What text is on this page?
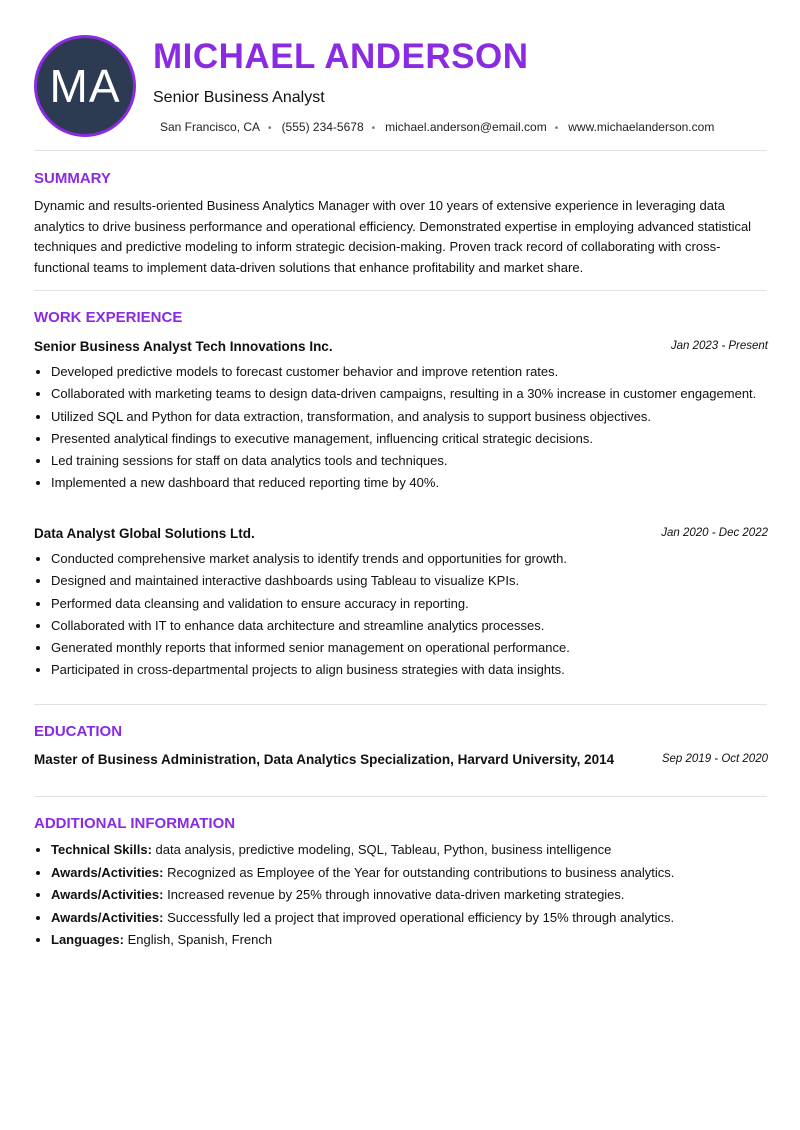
MA
MICHAEL ANDERSON
Senior Business Analyst
San Francisco, CA • (555) 234-5678 • michael.anderson@email.com • www.michaelanderson.com
SUMMARY

Dynamic and results-oriented Business Analytics Manager with over 10 years of extensive experience in leveraging data analytics to drive business performance and operational efficiency. Demonstrated expertise in employing advanced statistical techniques and predictive modeling to inform strategic decision-making. Proven track record of collaborating with cross-functional teams to implement data-driven solutions that enhance profitability and market share.

WORK EXPERIENCE
Senior Business Analyst Tech Innovations Inc.	Jan 2023 - Present
• Developed predictive models to forecast customer behavior and improve retention rates.
• Collaborated with marketing teams to design data-driven campaigns, resulting in a 30% increase in customer engagement.
• Utilized SQL and Python for data extraction, transformation, and analysis to support business objectives.
• Presented analytical findings to executive management, influencing critical strategic decisions.
• Led training sessions for staff on data analytics tools and techniques.
• Implemented a new dashboard that reduced reporting time by 40%.
Data Analyst Global Solutions Ltd.	Jan 2020 - Dec 2022
• Conducted comprehensive market analysis to identify trends and opportunities for growth.
• Designed and maintained interactive dashboards using Tableau to visualize KPIs.
• Performed data cleansing and validation to ensure accuracy in reporting.
• Collaborated with IT to enhance data architecture and streamline analytics processes.
• Generated monthly reports that informed senior management on operational performance.
• Participated in cross-departmental projects to align business strategies with data insights.
EDUCATION
Master of Business Administration, Data Analytics Specialization, Harvard University, 2014	Sep 2019 - Oct 2020
ADDITIONAL INFORMATION
• Technical Skills: data analysis, predictive modeling, SQL, Tableau, Python, business intelligence
• Awards/Activities: Recognized as Employee of the Year for outstanding contributions to business analytics.
• Awards/Activities: Increased revenue by 25% through innovative data-driven marketing strategies.
• Awards/Activities: Successfully led a project that improved operational efficiency by 15% through analytics.
• Languages: English, Spanish, French
